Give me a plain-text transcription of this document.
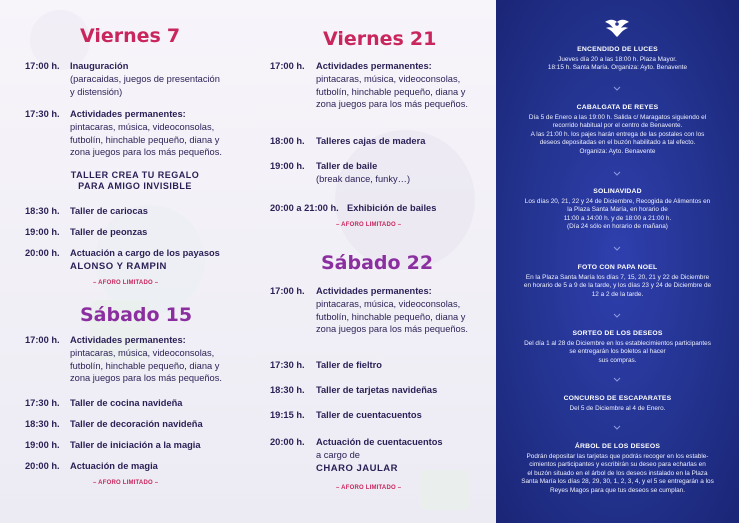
Viernes 7
17:00 h. Inauguración
(paracaidas, juegos de presentación
y distensión)
17:30 h. Actividades permanentes:
pintacaras, música, videoconsolas,
futbolín, hinchable pequeño, diana y
zona juegos para los más pequeños.
TALLER CREA TU REGALO
PARA AMIGO INVISIBLE
18:30 h. Taller de cariocas
19:00 h. Taller de peonzas
20:00 h. Actuación a cargo de los payasos
ALONSO Y RAMPIN
– AFORO LIMITADO –
Sábado 15
17:00 h. Actividades permanentes:
pintacaras, música, videoconsolas,
futbolín, hinchable pequeño, diana y
zona juegos para los más pequeños.
17:30 h. Taller de cocina navideña
18:30 h. Taller de decoración navideña
19:00 h. Taller de iniciación a la magia
20:00 h. Actuación de magia
– AFORO LIMITADO –
Viernes 21
17:00 h. Actividades permanentes:
pintacaras, música, videoconsolas,
futbolín, hinchable pequeño, diana y
zona juegos para los más pequeños.
18:00 h. Talleres cajas de madera
19:00 h. Taller de baile
(break dance, funky…)
20:00 a 21:00 h. Exhibición de bailes
– AFORO LIMITADO –
Sábado 22
17:00 h. Actividades permanentes:
pintacaras, música, videoconsolas,
futbolín, hinchable pequeño, diana y
zona juegos para los más pequeños.
17:30 h. Taller de fieltro
18:30 h. Taller de tarjetas navideñas
19:15 h. Taller de cuentacuentos
20:00 h. Actuación de cuentacuentos
a cargo de
CHARO JAULAR
– AFORO LIMITADO –
ENCENDIDO DE LUCES
Jueves día 20 a las 18:00 h. Plaza Mayor.
18:15 h. Santa María. Organiza: Ayto. Benavente
CABALGATA DE REYES
Día 5 de Enero a las 19:00 h. Salida c/ Maragatos siguiendo el
recorrido habitual por el centro de Benavente.
A las 21:00 h. los pajes harán entrega de las postales con los
deseos depositadas en el buzón habilitado a tal efecto.
Organiza: Ayto. Benavente
SOLINAVIDAD
Los días 20, 21, 22 y 24 de Diciembre, Recogida de Alimentos en
la Plaza Santa María, en horario de
11:00 a 14:00 h. y de 18:00 a 21:00 h.
(Día 24 sólo en horario de mañana)
FOTO CON PAPA NOEL
En la Plaza Santa María los días 7, 15, 20, 21 y 22 de Diciembre
en horario de 5 a 9 de la tarde, y los días 23 y 24 de Diciembre de
12 a 2 de la tarde.
SORTEO DE LOS DESEOS
Del día 1 al 28 de Diciembre en los establecimientos participantes
se entregarán los boletos al hacer
sus compras.
CONCURSO DE ESCAPARATES
Del 5 de Diciembre al 4 de Enero.
ÁRBOL DE LOS DESEOS
Podrán depositar las tarjetas que podrás recoger en los estable-
cimientos participantes y escribirán su deseo para echarlas en
el buzón situado en el árbol de los deseos instalado en la Plaza
Santa María los días 28, 29, 30, 1, 2, 3, 4, y el 5 se entregarán a los
Reyes Magos para que tus deseos se cumplan.
